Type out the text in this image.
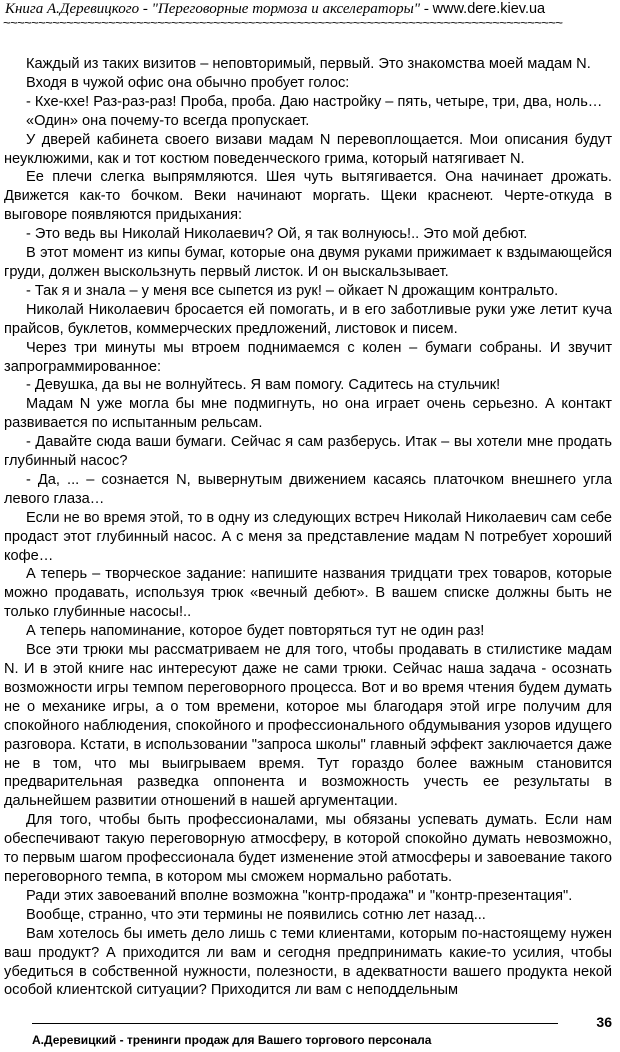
Книга А.Деревицкого - "Переговорные тормоза и акселераторы" - www.dere.kiev.ua
~~~~~~~~~~~~~~~~~~~~~~~~~~~~~~~~~~~~~~~~~~~~~~~~~~~~~~~~~~~~~~~~~~~~~~~~~~~~~~~~

Каждый из таких визитов – неповторимый, первый. Это знакомства моей мадам N.

Входя в чужой офис она обычно пробует голос:

- Кхе-кхе! Раз-раз-раз! Проба, проба. Даю настройку – пять, четыре, три, два, ноль…

«Один» она почему-то всегда пропускает.

У дверей кабинета своего визави мадам N перевоплощается. Мои описания будут неуклюжими, как и тот костюм поведенческого грима, который натягивает N.

Ее плечи слегка выпрямляются. Шея чуть вытягивается. Она начинает дрожать. Движется как-то бочком. Веки начинают моргать. Щеки краснеют. Черте-откуда в выговоре появляются придыхания:

- Это ведь вы Николай Николаевич? Ой, я так волнуюсь!.. Это мой дебют.

В этот момент из кипы бумаг, которые она двумя руками прижимает к вздымающейся груди, должен выскользнуть первый листок. И он выскальзывает.

- Так я и знала – у меня все сыпется из рук! – ойкает N дрожащим контральто.

Николай Николаевич бросается ей помогать, и в его заботливые руки уже летит куча прайсов, буклетов, коммерческих предложений, листовок и писем.

Через три минуты мы втроем поднимаемся с колен – бумаги собраны. И звучит запрограммированное:

- Девушка, да вы не волнуйтесь. Я вам помогу. Садитесь на стульчик!

Мадам N уже могла бы мне подмигнуть, но она играет очень серьезно. А контакт развивается по испытанным рельсам.

- Давайте сюда ваши бумаги. Сейчас я сам разберусь. Итак – вы хотели мне продать глубинный насос?

- Да, ... – сознается N, вывернутым движением касаясь платочком внешнего угла левого глаза…

Если не во время этой, то в одну из следующих встреч Николай Николаевич сам себе продаст этот глубинный насос. А с меня за представление мадам N потребует хороший кофе…

А теперь – творческое задание: напишите названия тридцати трех товаров, которые можно продавать, используя трюк «вечный дебют». В вашем списке должны быть не только глубинные насосы!..

А теперь напоминание, которое будет повторяться тут не один раз!

Все эти трюки мы рассматриваем не для того, чтобы продавать в стилистике мадам N. И в этой книге нас интересуют даже не сами трюки. Сейчас наша задача - осознать возможности игры темпом переговорного процесса. Вот и во время чтения будем думать не о механике игры, а о том времени, которое мы благодаря этой игре получим для спокойного наблюдения, спокойного и профессионального обдумывания узоров идущего разговора. Кстати, в использовании "запроса школы" главный эффект заключается даже не в том, что мы выигрываем время. Тут гораздо более важным становится предварительная разведка оппонента и возможность учесть ее результаты в дальнейшем развитии отношений в нашей аргументации.

Для того, чтобы быть профессионалами, мы обязаны успевать думать. Если нам обеспечивают такую переговорную атмосферу, в которой спокойно думать невозможно, то первым шагом профессионала будет изменение этой атмосферы и завоевание такого переговорного темпа, в котором мы сможем нормально работать.

Ради этих завоеваний вполне возможна "контр-продажа" и "контр-презентация".

Вообще, странно, что эти термины не появились сотню лет назад...

Вам хотелось бы иметь дело лишь с теми клиентами, которым по-настоящему нужен ваш продукт? А приходится ли вам и сегодня предпринимать какие-то усилия, чтобы убедиться в собственной нужности, полезности, в адекватности вашего продукта некой особой клиентской ситуации? Приходится ли вам с неподдельным

36
А.Деревицкий - тренинги продаж для Вашего торгового персонала
